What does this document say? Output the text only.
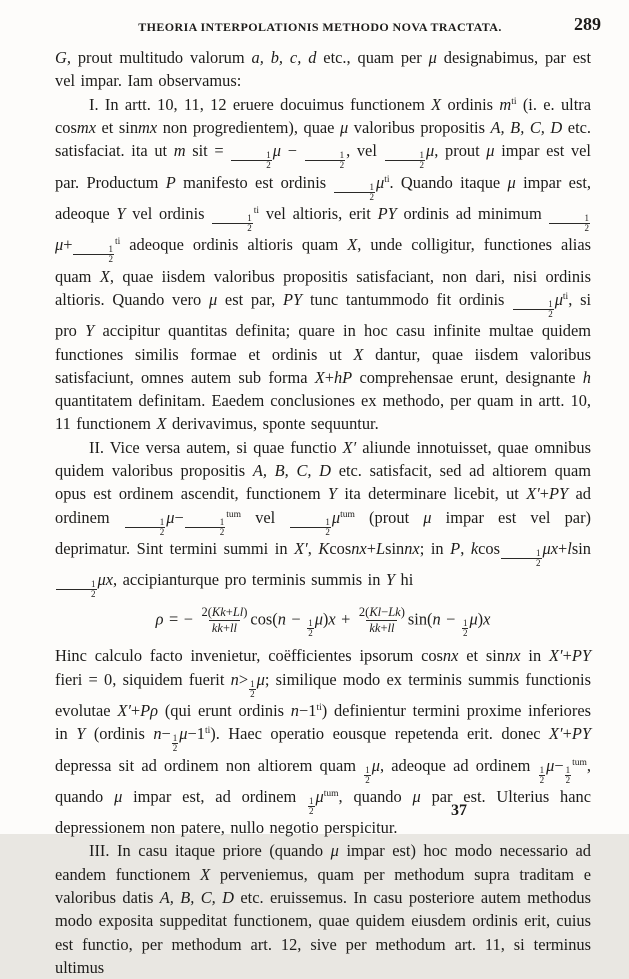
THEORIA INTERPOLATIONIS METHODO NOVA TRACTATA.	289
G, prout multitudo valorum a, b, c, d etc., quam per μ designabimus, par est vel impar. Iam observamus:
I. In artt. 10, 11, 12 eruere docuimus functionem X ordinis $m^{ti}$ (i. e. ultra cosmx et sinmx non progredientem), quae μ valoribus propositis A, B, C, D etc. satisfaciat. ita ut m sit =
$\frac{1}{2}$
μ −
$\frac{1}{2}$
, vel
$\frac{1}{2}$
μ, prout μ impar est vel par. Productum P manifesto est ordinis
$\frac{1}{2}$
$\mu^{ti}$. Quando itaque μ impar est, adeoque Y vel ordinis
$\frac{1}{2}$
$^{ti}$ vel altioris, erit PY ordinis ad minimum
$\frac{1}{2}$
μ+
$\frac{1}{2}$
$^{ti}$ adeoque ordinis altioris quam X, unde colligitur, functiones alias quam X, quae iisdem valoribus propositis satisfaciant, non dari, nisi ordinis altioris. Quando vero μ est par, PY tunc tantummodo fit ordinis
$\frac{1}{2}$
$\mu^{ti}$, si pro Y accipitur quantitas definita; quare in hoc casu infinite multae quidem functiones similis formae et ordinis ut X dantur, quae iisdem valoribus satisfaciunt, omnes autem sub forma X+hP comprehensae erunt, designante h quantitatem definitam. Eaedem conclusiones ex methodo, per quam in artt. 10, 11 functionem X derivavimus, sponte sequuntur.
II. Vice versa autem, si quae functio X′ aliunde innotuisset, quae omnibus quidem valoribus propositis A, B, C, D etc. satisfacit, sed ad altiorem quam opus est ordinem ascendit, functionem Y ita determinare licebit, ut X′+PY ad ordinem
$\frac{1}{2}$
μ−
$\frac{1}{2}$
$^{tum}$ vel
$\frac{1}{2}$
$\mu^{tum}$ (prout μ impar est vel par) deprimatur. Sint termini summi in X′, Kcosnx+Lsinnx; in P, kcos
$\frac{1}{2}$
μx+lsin
$\frac{1}{2}$
μx, accipianturque pro terminis summis in Y hi
ρ = − $\frac{2(Kk+Ll)}{kk+ll} \cos(n$ −
$\frac{1}{2}$
$\mu)x + \frac{2(Kl-Lk)}{kk+ll} \sin(n$ −
$\frac{1}{2}$
μ)x
Hinc calculo facto invenietur, coëfficientes ipsorum cosnx et sinnx in X′+PY fieri = 0, siquidem fuerit n>
$\frac{1}{2}$
μ; similique modo ex terminis summis functionis evolutae X′+Pρ (qui erunt ordinis $n-1^{ti}$) definientur termini proxime inferiores in Y (ordinis n−
$\frac{1}{2}$
$\mu-1^{ti}$). Haec operatio eousque repetenda erit. donec X′+PY depressa sit ad ordinem non altiorem quam
$\frac{1}{2}$
μ, adeoque ad ordinem
$\frac{1}{2}$
μ−
$\frac{1}{2}$
$^{tum}$, quando μ impar est, ad ordinem
$\frac{1}{2}$
$\mu^{tum}$, quando μ par est. Ulterius hanc depressionem non patere, nullo negotio perspicitur.
III. In casu itaque priore (quando μ impar est) hoc modo necessario ad eandem functionem X perveniemus, quam per methodum supra traditam e valoribus datis A, B, C, D etc. eruissemus. In casu posteriore autem methodus modo exposita suppeditat functionem, quae quidem eiusdem ordinis erit, cuius est functio, per methodum art. 12, sive per methodum art. 11, si terminus ultimus
37
